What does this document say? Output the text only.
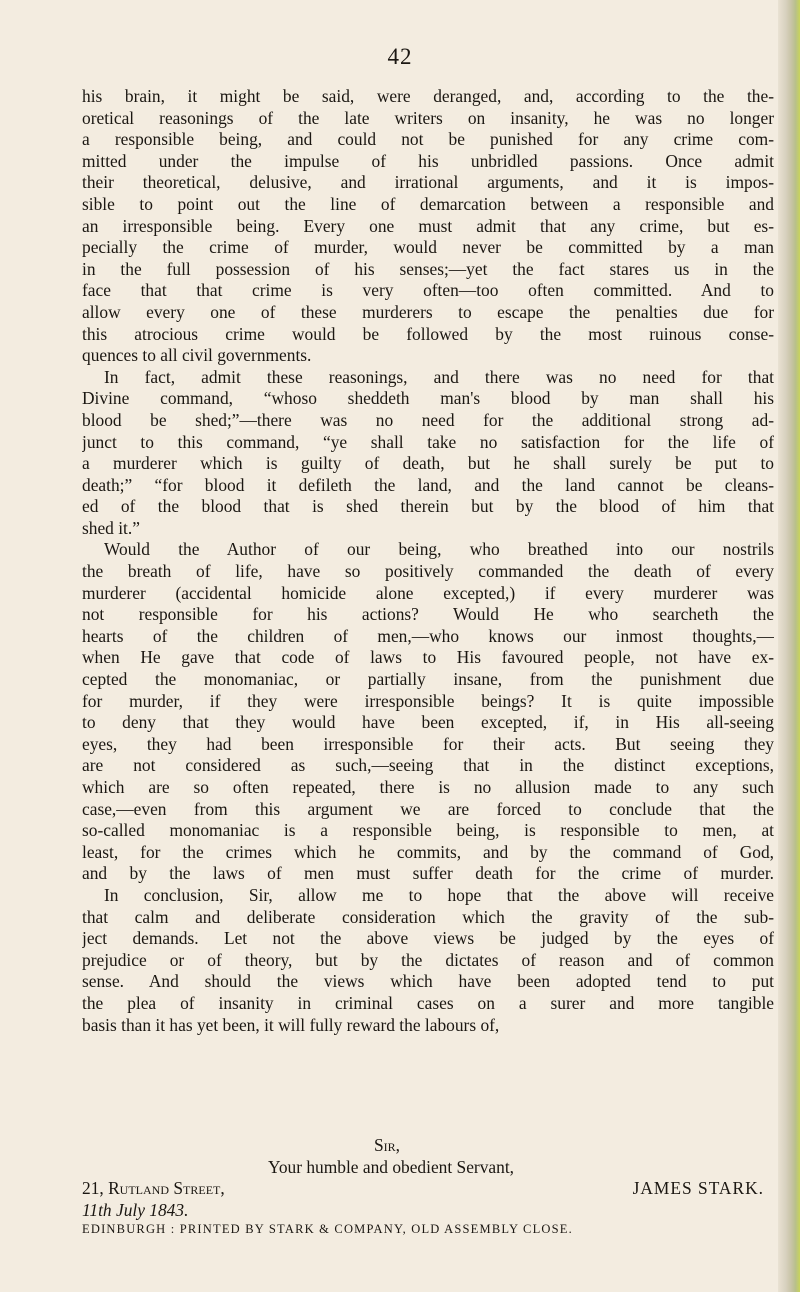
42
his brain, it might be said, were deranged, and, according to the the-
oretical reasonings of the late writers on insanity, he was no longer
a responsible being, and could not be punished for any crime com-
mitted under the impulse of his unbridled passions. Once admit
their theoretical, delusive, and irrational arguments, and it is impos-
sible to point out the line of demarcation between a responsible and
an irresponsible being. Every one must admit that any crime, but es-
pecially the crime of murder, would never be committed by a man
in the full possession of his senses;—yet the fact stares us in the
face that that crime is very often—too often committed. And to
allow every one of these murderers to escape the penalties due for
this atrocious crime would be followed by the most ruinous conse-
quences to all civil governments.
In fact, admit these reasonings, and there was no need for that
Divine command, “whoso sheddeth man's blood by man shall his
blood be shed;”—there was no need for the additional strong ad-
junct to this command, “ye shall take no satisfaction for the life of
a murderer which is guilty of death, but he shall surely be put to
death;” “for blood it defileth the land, and the land cannot be cleans-
ed of the blood that is shed therein but by the blood of him that
shed it.”
Would the Author of our being, who breathed into our nostrils
the breath of life, have so positively commanded the death of every
murderer (accidental homicide alone excepted,) if every murderer was
not responsible for his actions? Would He who searcheth the
hearts of the children of men,—who knows our inmost thoughts,—
when He gave that code of laws to His favoured people, not have ex-
cepted the monomaniac, or partially insane, from the punishment due
for murder, if they were irresponsible beings? It is quite impossible
to deny that they would have been excepted, if, in His all-seeing
eyes, they had been irresponsible for their acts. But seeing they
are not considered as such,—seeing that in the distinct exceptions,
which are so often repeated, there is no allusion made to any such
case,—even from this argument we are forced to conclude that the
so-called monomaniac is a responsible being, is responsible to men, at
least, for the crimes which he commits, and by the command of God,
and by the laws of men must suffer death for the crime of murder.
In conclusion, Sir, allow me to hope that the above will receive
that calm and deliberate consideration which the gravity of the sub-
ject demands. Let not the above views be judged by the eyes of
prejudice or of theory, but by the dictates of reason and of common
sense. And should the views which have been adopted tend to put
the plea of insanity in criminal cases on a surer and more tangible
basis than it has yet been, it will fully reward the labours of,
Sir,
Your humble and obedient Servant,
21, Rutland Street,	JAMES STARK.
11th July 1843.
EDINBURGH : PRINTED BY STARK & COMPANY, OLD ASSEMBLY CLOSE.
